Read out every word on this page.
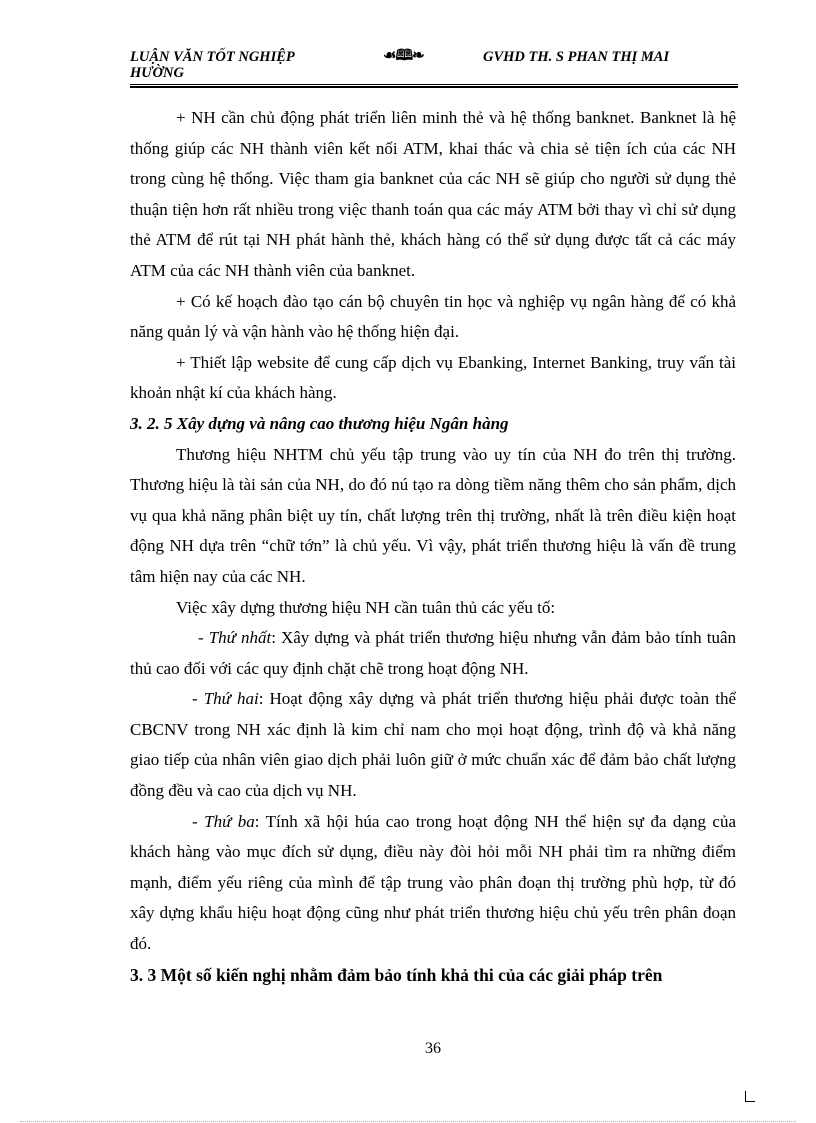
LUẬN VĂN TỐT NGHIỆP HƯỜNG
☙🕮❧	GVHD TH. S PHAN THỊ MAI

+ NH cần chủ động phát triển liên minh thẻ và hệ thống banknet. Banknet là hệ thống giúp các NH thành viên kết nối ATM, khai thác và chia sẻ tiện ích của các NH trong cùng hệ thống. Việc tham gia banknet của các NH sẽ giúp cho người sử dụng thẻ thuận tiện hơn rất nhiều trong việc thanh toán qua các máy ATM bởi thay vì chỉ sử dụng thẻ ATM để rút tại NH phát hành thẻ, khách hàng có thể sử dụng được tất cả các máy ATM của các NH thành viên của banknet.

+ Có kế hoạch đào tạo cán bộ chuyên tin học và nghiệp vụ ngân hàng để có khả năng quản lý và vận hành vào hệ thống hiện đại.

+ Thiết lập website để cung cấp dịch vụ Ebanking, Internet Banking, truy vấn tài khoản nhật kí của khách hàng.

3. 2. 5 Xây dựng và nâng cao thương hiệu Ngân hàng

Thương hiệu NHTM chủ yếu tập trung vào uy tín của NH đo trên thị trường. Thương hiệu là tài sản của NH, do đó nú tạo ra dòng tiềm năng thêm cho sản phẩm, dịch vụ qua khả năng phân biệt uy tín, chất lượng trên thị trường, nhất là trên điều kiện hoạt động NH dựa trên “chữ tớn” là chủ yếu. Vì vậy, phát triển thương hiệu là vấn đề trung tâm hiện nay của các NH.

Việc xây dựng thương hiệu NH cần tuân thủ các yếu tố:

- Thứ nhất: Xây dựng và phát triển thương hiệu nhưng vẫn đảm bảo tính tuân thủ cao đối với các quy định chặt chẽ trong hoạt động NH.

- Thứ hai: Hoạt động xây dựng và phát triển thương hiệu phải được toàn thể CBCNV trong NH xác định là kim chỉ nam cho mọi hoạt động, trình độ và khả năng giao tiếp của nhân viên giao dịch phải luôn giữ ở mức chuẩn xác để đảm bảo chất lượng đồng đều và cao của dịch vụ NH.

- Thứ ba: Tính xã hội húa cao trong hoạt động NH thể hiện sự đa dạng của khách hàng vào mục đích sử dụng, điều này đòi hỏi mỗi NH phải tìm ra những điểm mạnh, điểm yếu riêng của mình để tập trung vào phân đoạn thị trường phù hợp, từ đó xây dựng khẩu hiệu hoạt động cũng như phát triển thương hiệu chủ yếu trên phân đoạn đó.

3. 3 Một số kiến nghị nhằm đảm bảo tính khả thi của các giải pháp trên
36
